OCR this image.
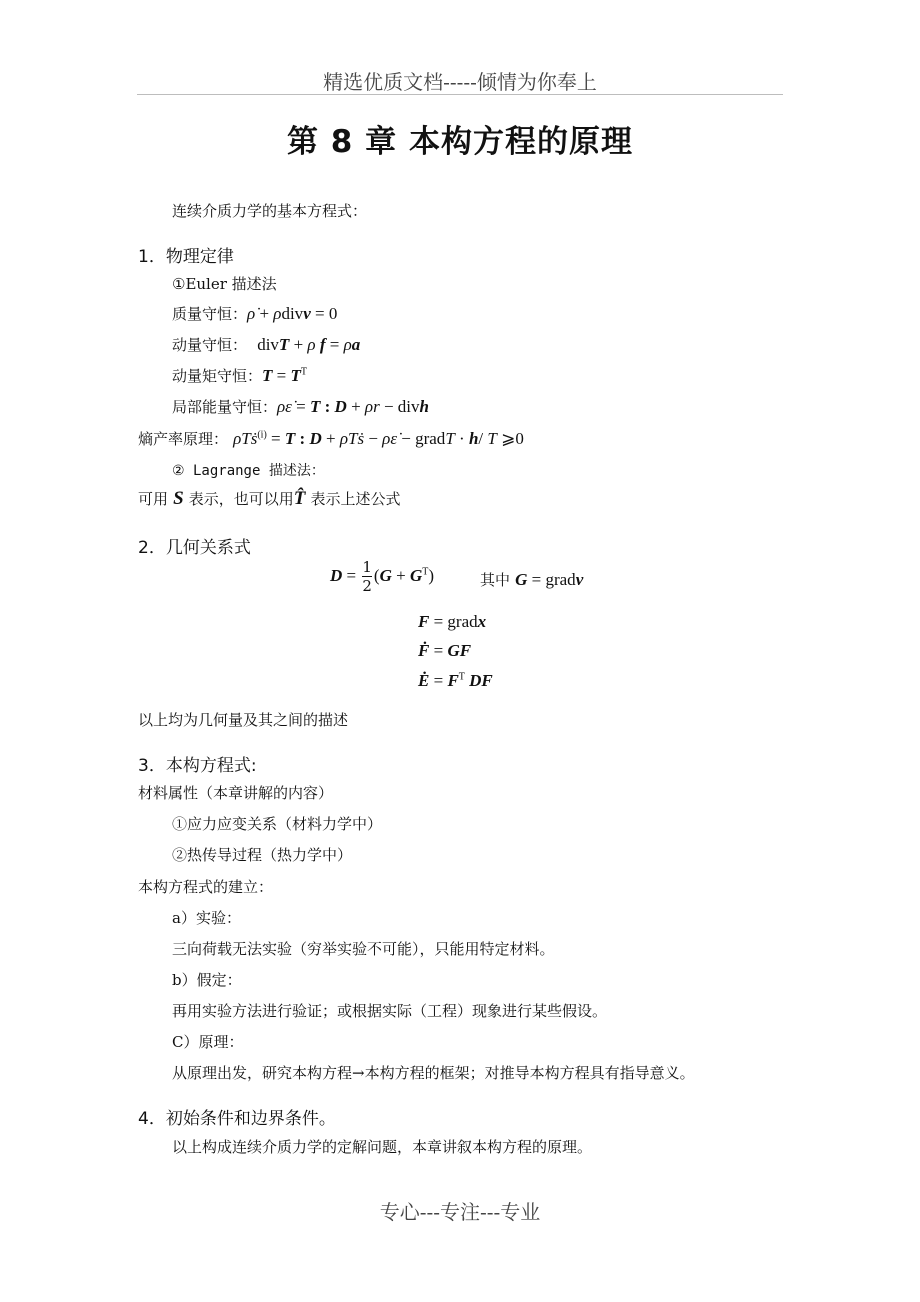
精选优质文档-----倾情为你奉上
第 8 章 本构方程的原理
连续介质力学的基本方程式：
1．物理定律
①Euler 描述法
质量守恒：ρ̇ + ρdivv = 0
动量守恒： divT + ρ f = ρa
动量矩守恒：$T = T^T$
局部能量守恒：ρε̇ = T : D + ρr − divh
熵产率原理： ρTṡ$^{(i)}$ = T : D + ρTṡ − ρε̇ − gradT · h/ T ⩾0
② Lagrange 描述法：
可用 S 表示，也可以用T̂ 表示上述公式
2．几何关系式
$D = \frac{1}{2} (G + G^T)$	其中 G = gradv
F = gradx
Ḟ = GF
Ė = $F^T$ DF
以上均为几何量及其之间的描述
3．本构方程式:
材料属性（本章讲解的内容）
①应力应变关系（材料力学中）
②热传导过程（热力学中）
本构方程式的建立：
a）实验：
三向荷载无法实验（穷举实验不可能），只能用特定材料。
b）假定：
再用实验方法进行验证；或根据实际（工程）现象进行某些假设。
C）原理：
从原理出发，研究本构方程→本构方程的框架；对推导本构方程具有指导意义。
4．初始条件和边界条件。
以上构成连续介质力学的定解问题，本章讲叙本构方程的原理。
专心---专注---专业
